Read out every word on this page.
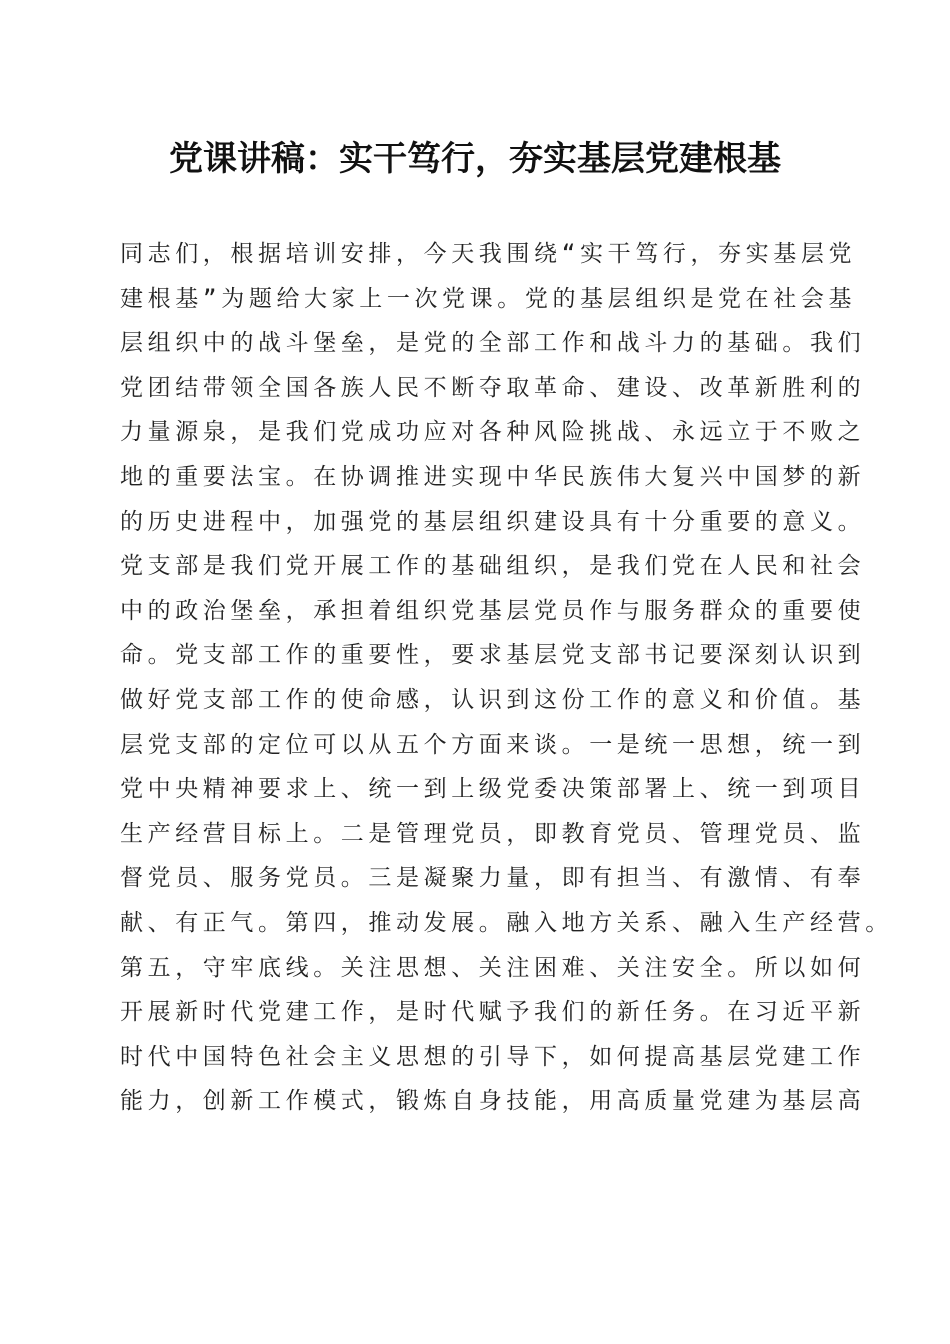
党课讲稿：实干笃行，夯实基层党建根基
同志们，根据培训安排，今天我围绕“实干笃行，夯实基层党
建根基”为题给大家上一次党课。党的基层组织是党在社会基
层组织中的战斗堡垒，是党的全部工作和战斗力的基础。我们
党团结带领全国各族人民不断夺取革命、建设、改革新胜利的
力量源泉，是我们党成功应对各种风险挑战、永远立于不败之
地的重要法宝。在协调推进实现中华民族伟大复兴中国梦的新
的历史进程中，加强党的基层组织建设具有十分重要的意义。
党支部是我们党开展工作的基础组织，是我们党在人民和社会
中的政治堡垒，承担着组织党基层党员作与服务群众的重要使
命。党支部工作的重要性，要求基层党支部书记要深刻认识到
做好党支部工作的使命感，认识到这份工作的意义和价值。基
层党支部的定位可以从五个方面来谈。一是统一思想，统一到
党中央精神要求上、统一到上级党委决策部署上、统一到项目
生产经营目标上。二是管理党员，即教育党员、管理党员、监
督党员、服务党员。三是凝聚力量，即有担当、有激情、有奉
献、有正气。第四，推动发展。融入地方关系、融入生产经营。
第五，守牢底线。关注思想、关注困难、关注安全。所以如何
开展新时代党建工作，是时代赋予我们的新任务。在习近平新
时代中国特色社会主义思想的引导下，如何提高基层党建工作
能力，创新工作模式，锻炼自身技能，用高质量党建为基层高
